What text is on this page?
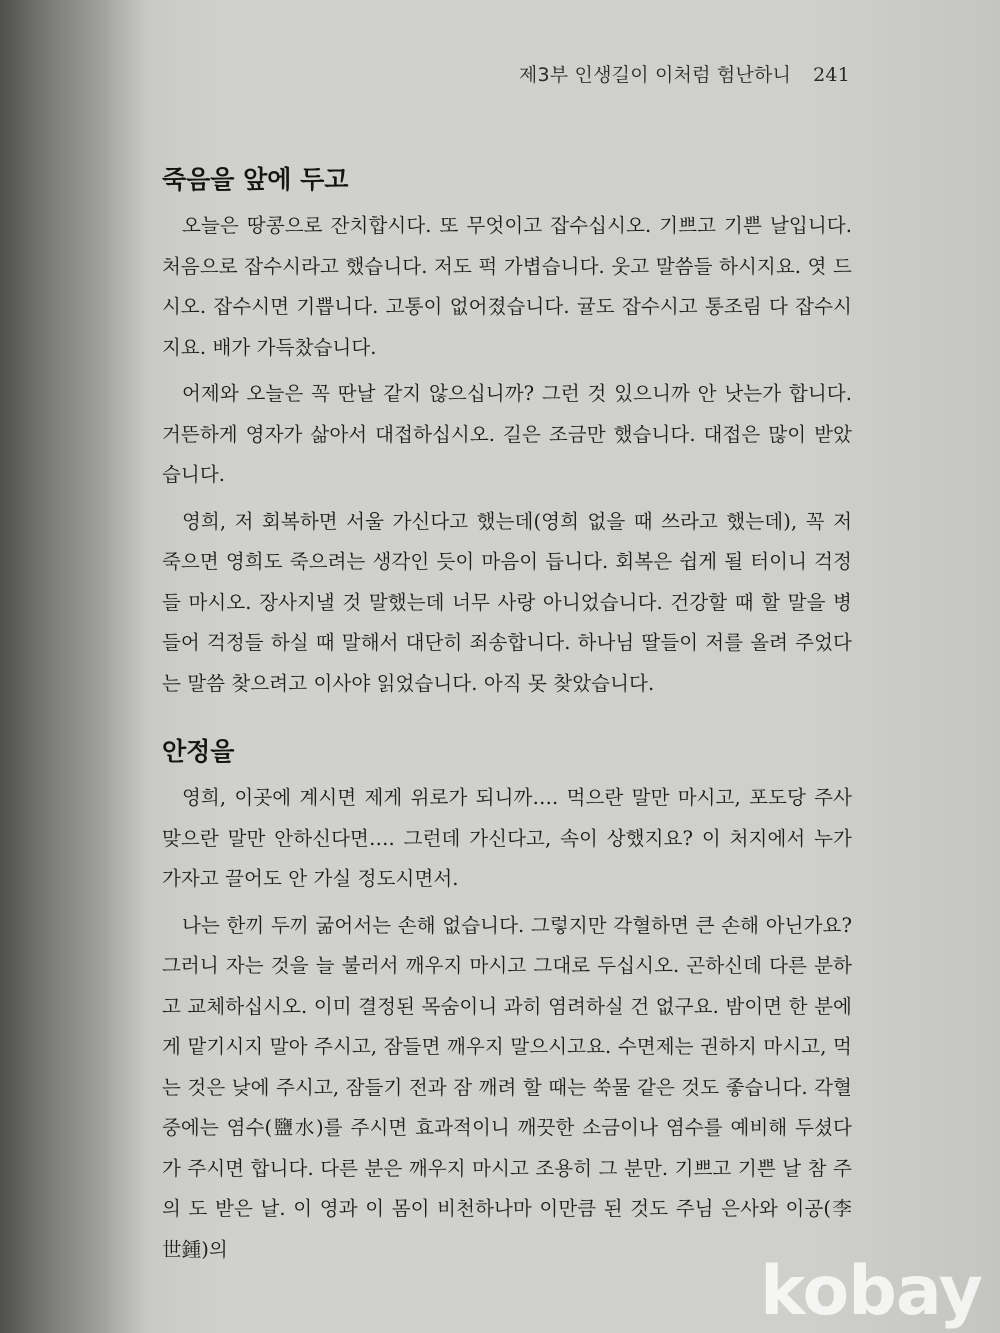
제3부 인생길이 이처럼 험난하니 241
죽음을 앞에 두고

오늘은 땅콩으로 잔치합시다. 또 무엇이고 잡수십시오. 기쁘고 기쁜 날입니다. 처음으로 잡수시라고 했습니다. 저도 퍽 가볍습니다. 웃고 말씀들 하시지요. 엿 드시오. 잡수시면 기쁩니다. 고통이 없어졌습니다. 귤도 잡수시고 통조림 다 잡수시지요. 배가 가득찼습니다.

어제와 오늘은 꼭 딴날 같지 않으십니까? 그런 것 있으니까 안 낫는가 합니다. 거뜬하게 영자가 삶아서 대접하십시오. 길은 조금만 했습니다. 대접은 많이 받았습니다.

영희, 저 회복하면 서울 가신다고 했는데(영희 없을 때 쓰라고 했는데), 꼭 저 죽으면 영희도 죽으려는 생각인 듯이 마음이 듭니다. 회복은 쉽게 될 터이니 걱정들 마시오. 장사지낼 것 말했는데 너무 사랑 아니었습니다. 건강할 때 할 말을 병들어 걱정들 하실 때 말해서 대단히 죄송합니다. 하나님 딸들이 저를 올려 주었다는 말씀 찾으려고 이사야 읽었습니다. 아직 못 찾았습니다.

안정을

영희, 이곳에 계시면 제게 위로가 되니까…. 먹으란 말만 마시고, 포도당 주사 맞으란 말만 안하신다면…. 그런데 가신다고, 속이 상했지요? 이 처지에서 누가 가자고 끌어도 안 가실 정도시면서.

나는 한끼 두끼 굶어서는 손해 없습니다. 그렇지만 각혈하면 큰 손해 아닌가요? 그러니 자는 것을 늘 불러서 깨우지 마시고 그대로 두십시오. 곤하신데 다른 분하고 교체하십시오. 이미 결정된 목숨이니 과히 염려하실 건 없구요. 밤이면 한 분에게 맡기시지 말아 주시고, 잠들면 깨우지 말으시고요. 수면제는 권하지 마시고, 먹는 것은 낮에 주시고, 잠들기 전과 잠 깨려 할 때는 쑥물 같은 것도 좋습니다. 각혈 중에는 염수(鹽水)를 주시면 효과적이니 깨끗한 소금이나 염수를 예비해 두셨다가 주시면 합니다. 다른 분은 깨우지 마시고 조용히 그 분만. 기쁘고 기쁜 날 참 주의 도 받은 날. 이 영과 이 몸이 비천하나마 이만큼 된 것도 주님 은사와 이공(李世鍾)의

kobay
